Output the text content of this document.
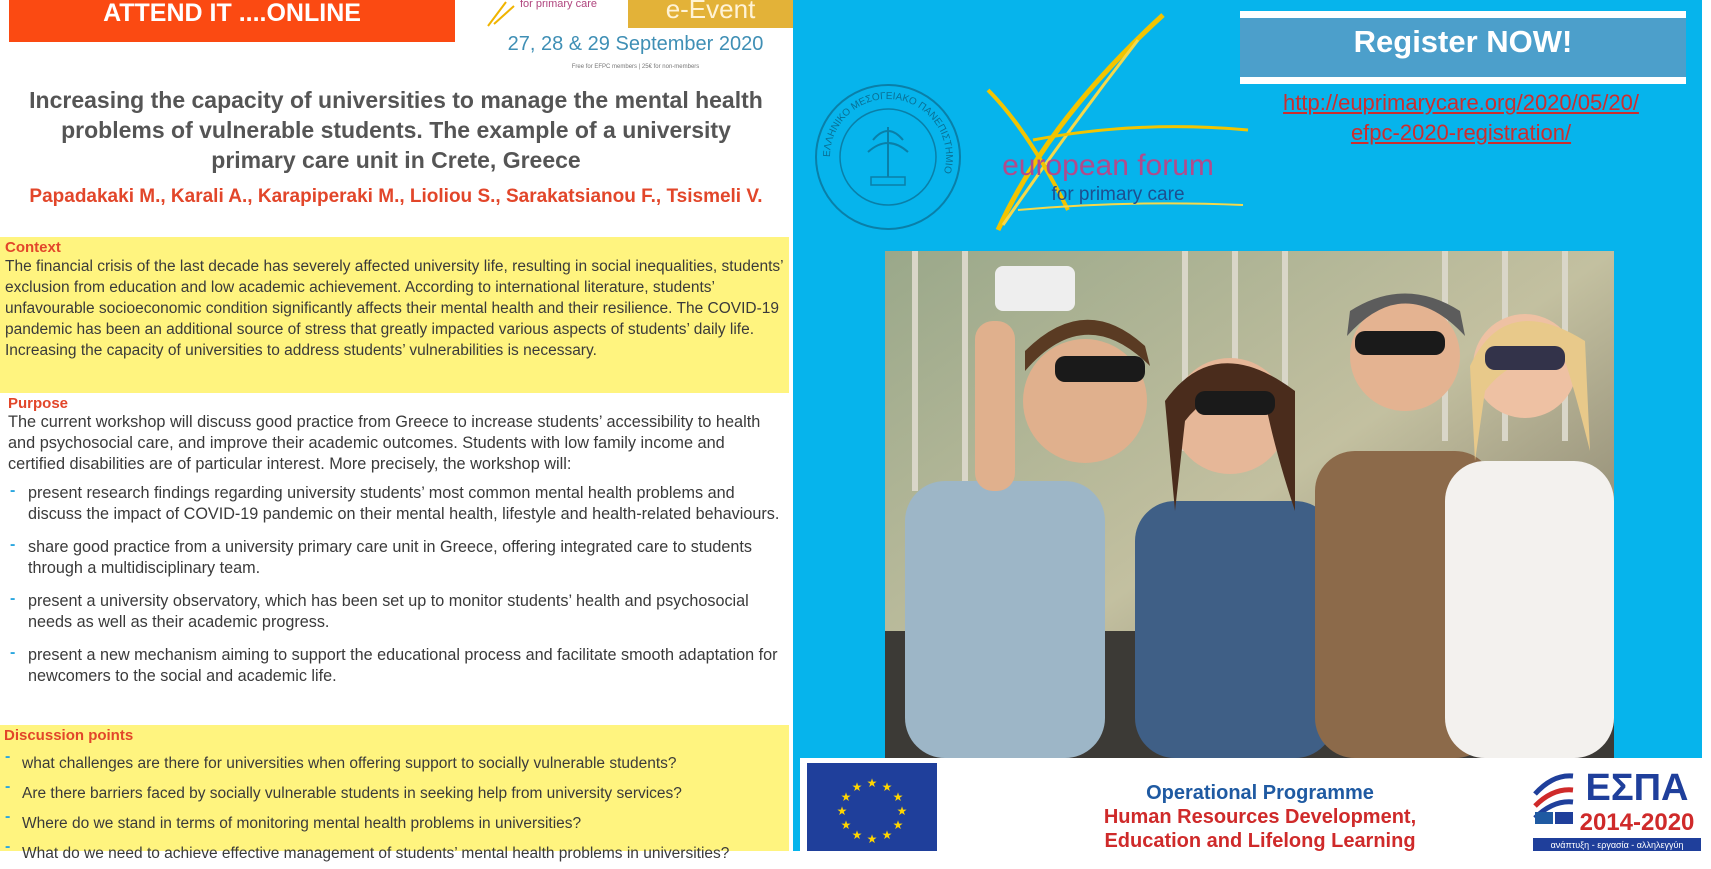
ATTEND IT ....ONLINE	for primary care	e-Event
27, 28 & 29 September 2020
Free for EFPC members | 25€ for non-members
Increasing the capacity of universities to manage the mental health problems of vulnerable students. The example of a university primary care unit in Crete, Greece
Papadakaki M., Karali A., Karapiperaki M., Lioliou S., Sarakatsianou F., Tsismeli V.
Context
The financial crisis of the last decade has severely affected university life, resulting in social inequalities, students’ exclusion from education and low academic achievement. According to international literature, students’ unfavourable socioeconomic condition significantly affects their mental health and their resilience. The COVID-19 pandemic has been an additional source of stress that greatly impacted various aspects of students’ daily life. Increasing the capacity of universities to address students’ vulnerabilities is necessary.
Purpose
The current workshop will discuss good practice from Greece to increase students’ accessibility to health and psychosocial care, and improve their academic outcomes. Students with low family income and certified disabilities are of particular interest. More precisely, the workshop will:
- present research findings regarding university students’ most common mental health problems and discuss the impact of COVID-19 pandemic on their mental health, lifestyle and health-related behaviours.
- share good practice from a university primary care unit in Greece, offering integrated care to students through a multidisciplinary team.
- present a university observatory, which has been set up to monitor students’ health and psychosocial needs as well as their academic progress.
- present a new mechanism aiming to support the educational process and facilitate smooth adaptation for newcomers to the social and academic life.
Discussion points
- what challenges are there for universities when offering support to socially vulnerable students?
- Are there barriers faced by socially vulnerable students in seeking help from university services?
- Where do we stand in terms of monitoring mental health problems in universities?
- What do we need to achieve effective management of students’ mental health problems in universities?
Register NOW!
http://euprimarycare.org/2020/05/20/
efpc-2020-registration/
ΕΛΛΗΝΙΚΟ ΜΕΣΟΓΕΙΑΚΟ ΠΑΝΕΠΙΣΤΗΜΙΟ european forum
for primary care
★ ★
★
★
★
★
★
★
★
★
★
★	Operational Programme
Human Resources Development,
Education and Lifelong Learning
ΕΣΠΑ
2014-2020
ανάπτυξη - εργασία - αλληλεγγύη
